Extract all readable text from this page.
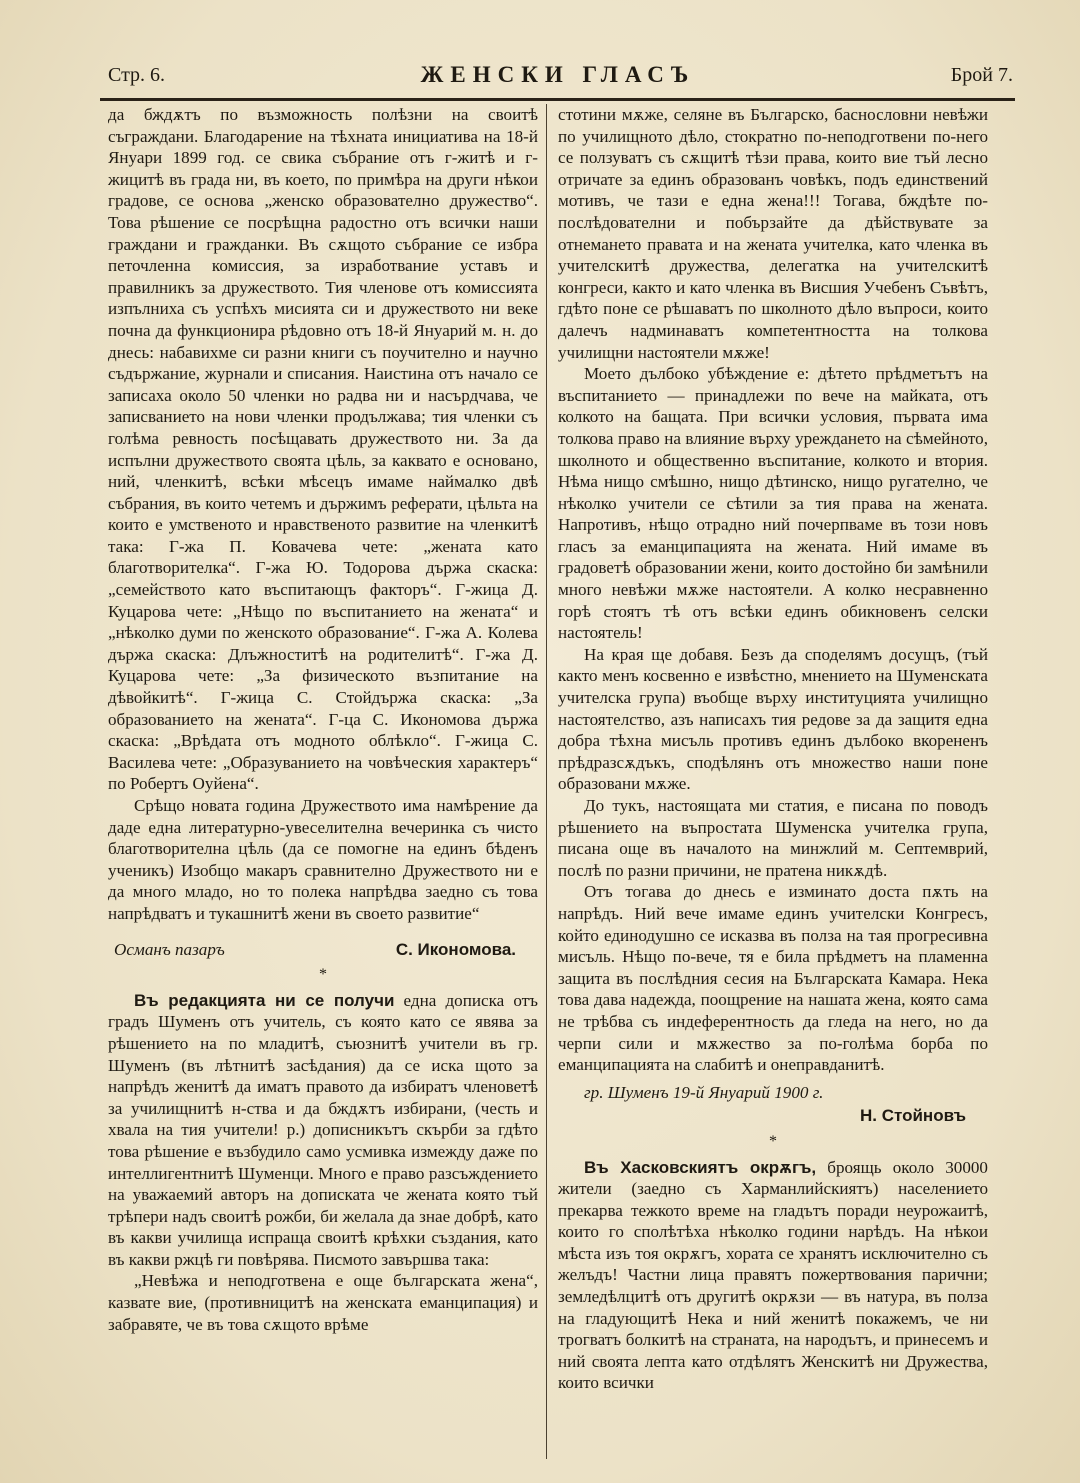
Стр. 6.	ЖЕНСКИ ГЛАСЪ	Брой 7.

да бждѫтъ по възможность полѣзни на своитѣ съграждани. Благодарение на тѣхната инициатива на 18-й Януари 1899 год. се свика събрание отъ г-житѣ и г-жицитѣ въ града ни, въ което, по примѣра на други нѣкои градове, се основа „женско образователно дружество“. Това рѣшение се посрѣщна радостно отъ всички наши граждани и гражданки. Въ сѫщото събрание се избра петочленна комиссия, за изработвание уставъ и правилникъ за дружеството. Тия членове отъ комиссията изпълниха съ успѣхъ мисията си и дружеството ни веке почна да функционира рѣдовно отъ 18-й Януарий м. н. до днесь: набавихме си разни книги съ поучително и научно съдържание, журнали и списания. Наистина отъ начало се записаха около 50 членки но радва ни и насърдчава, че записванието на нови членки продължава; тия членки съ голѣма ревность посѣщавать дружеството ни. За да испълни дружеството своята цѣль, за каквато е основано, ний, членкитѣ, всѣки мѣсецъ имаме наймалко двѣ събрания, въ които четемъ и държимъ реферати, цѣльта на които е умственото и нравственото развитие на членкитѣ така: Г-жа П. Ковачева чете: „жената като благотворителка“. Г-жа Ю. Тодорова държа скаска: „семейството като въспитающъ факторъ“. Г-жица Д. Куцарова чете: „Нѣщо по въспитанието на жената“ и „нѣколко думи по женското образование“. Г-жа А. Колева държа скаска: Длъжноститѣ на родителитѣ“. Г-жа Д. Куцарова чете: „За физическото възпитание на дѣвойкитѣ“. Г-жица С. Стойдържа скаска: „За образованието на жената“. Г-ца С. Икономова държа скаска: „Врѣдата отъ модното облѣкло“. Г-жица С. Василева чете: „Образуванието на човѣческия характеръ“ по Робертъ Оуйена“.

Срѣщо новата година Дружеството има намѣрение да даде една литературно-увеселителна вечеринка съ чисто благотворителна цѣль (да се помогне на единъ бѣденъ ученикъ) Изобщо макаръ сравнително Дружеството ни е да много младо, но то полека напрѣдва заедно съ това напрѣдватъ и тукашнитѣ жени въ своето развитие“

Османъ пазаръ	С. Икономова.
*

Въ редакцията ни се получи една дописка отъ градъ Шуменъ отъ учитель, съ която като се явява за рѣшението на по младитѣ, съюзнитѣ учители въ гр. Шуменъ (въ лѣтнитѣ засѣдания) да се иска щото за напрѣдъ женитѣ да иматъ правото да избиратъ членоветѣ за училищнитѣ н-ства и да бждѫтъ избирани, (честь и хвала на тия учители! р.) дописникътъ скърби за гдѣто това рѣшение е възбудило само усмивка измежду даже по интеллигентнитѣ Шуменци. Много е право разсъждението на уважаемий авторъ на дописката че жената която тъй трѣпери надъ своитѣ рожби, би желала да знае добрѣ, като въ какви училища испраща своитѣ крѣхки създания, като въ какви ржцѣ ги повѣрява. Писмото завършва така:

„Невѣжа и неподготвена е още българската жена“, казвате вие, (противницитѣ на женската еманципация) и забравяте, че въ това сѫщото врѣме

стотини мѫже, селяне въ Българско, баснословни невѣжи по училищното дѣло, стократно по-неподготвени по-него се ползуватъ съ сѫщитѣ тѣзи права, които вие тъй лесно отричате за единъ образованъ човѣкъ, подъ единствений мотивъ, че тази е една жена!!! Тогава, бждѣте по-послѣдователни и побързайте да дѣйствувате за отнемането правата и на жената учителка, като членка въ учителскитѣ дружества, делегатка на учителскитѣ конгреси, както и като членка въ Висшия Учебенъ Съвѣтъ, гдѣто поне се рѣшаватъ по школното дѣло въпроси, които далечъ надминаватъ компетентността на толкова училищни настоятели мѫже!

Моето дълбоко убѣждение е: дѣтето прѣдметътъ на въспитанието — принадлежи по вече на майката, отъ колкото на бащата. При всички условия, първата има толкова право на влияние върху уреждането на сѣмейното, школното и общественно въспитание, колкото и втория. Нѣма нищо смѣшно, нищо дѣтинско, нищо ругателно, че нѣколко учители се сѣтили за тия права на жената. Напротивъ, нѣщо отрадно ний почерпваме въ този новъ гласъ за еманципацията на жената. Ний имаме въ градоветѣ образовании жени, които достойно би замѣнили много невѣжи мѫже настоятели. А колко несравненно горѣ стоятъ тѣ отъ всѣки единъ обикновенъ селски настоятель!

На края ще добавя. Безъ да споделямъ досущъ, (тъй както менъ косвенно е извѣстно, мнението на Шуменската учителска група) въобще върху институцията училищно настоятелство, азъ написахъ тия редове за да защитя една добра тѣхна мисъль противъ единъ дълбоко вкорененъ прѣдразсѫдъкъ, сподѣлянъ отъ множество наши поне образовани мѫже.

До тукъ, настоящата ми статия, е писана по поводъ рѣшението на въпростата Шуменска учителка група, писана още въ началото на минжлий м. Септемврий, послѣ по разни причини, не пратена никѫдѣ.

Отъ тогава до днесь е изминато доста пѫть на напрѣдъ. Ний вече имаме единъ учителски Конгресъ, който единодушно се исказва въ полза на тая прогресивна мисъль. Нѣщо по-вече, тя е била прѣдметъ на пламенна защита въ послѣдния сесия на Българската Камара. Нека това дава надежда, поощрение на нашата жена, която сама не трѣбва съ индеферентность да гледа на него, но да черпи сили и мѫжество за по-голѣма борба по еманципацията на слабитѣ и онеправданитѣ.

гр. Шуменъ 19-й Януарий 1900 г.
Н. Стойновъ
*

Въ Хасковскиятъ окрѫгъ, броящь около 30000 жители (заедно съ Харманлийскиятъ) населението прекарва тежкото време на гладътъ поради неурожаитѣ, които го сполѣтѣха нѣколко години нарѣдъ. На нѣкои мѣста изъ тоя окрѫгъ, хората се хранятъ исключително съ желъдъ! Частни лица правятъ пожертвования парични; земледѣлцитѣ отъ другитѣ окрѫзи — въ натура, въ полза на гладующитѣ Нека и ний женитѣ покажемъ, че ни трогватъ болкитѣ на страната, на народътъ, и принесемъ и ний своята лепта като отдѣлятъ Женскитѣ ни Дружества, които всички
